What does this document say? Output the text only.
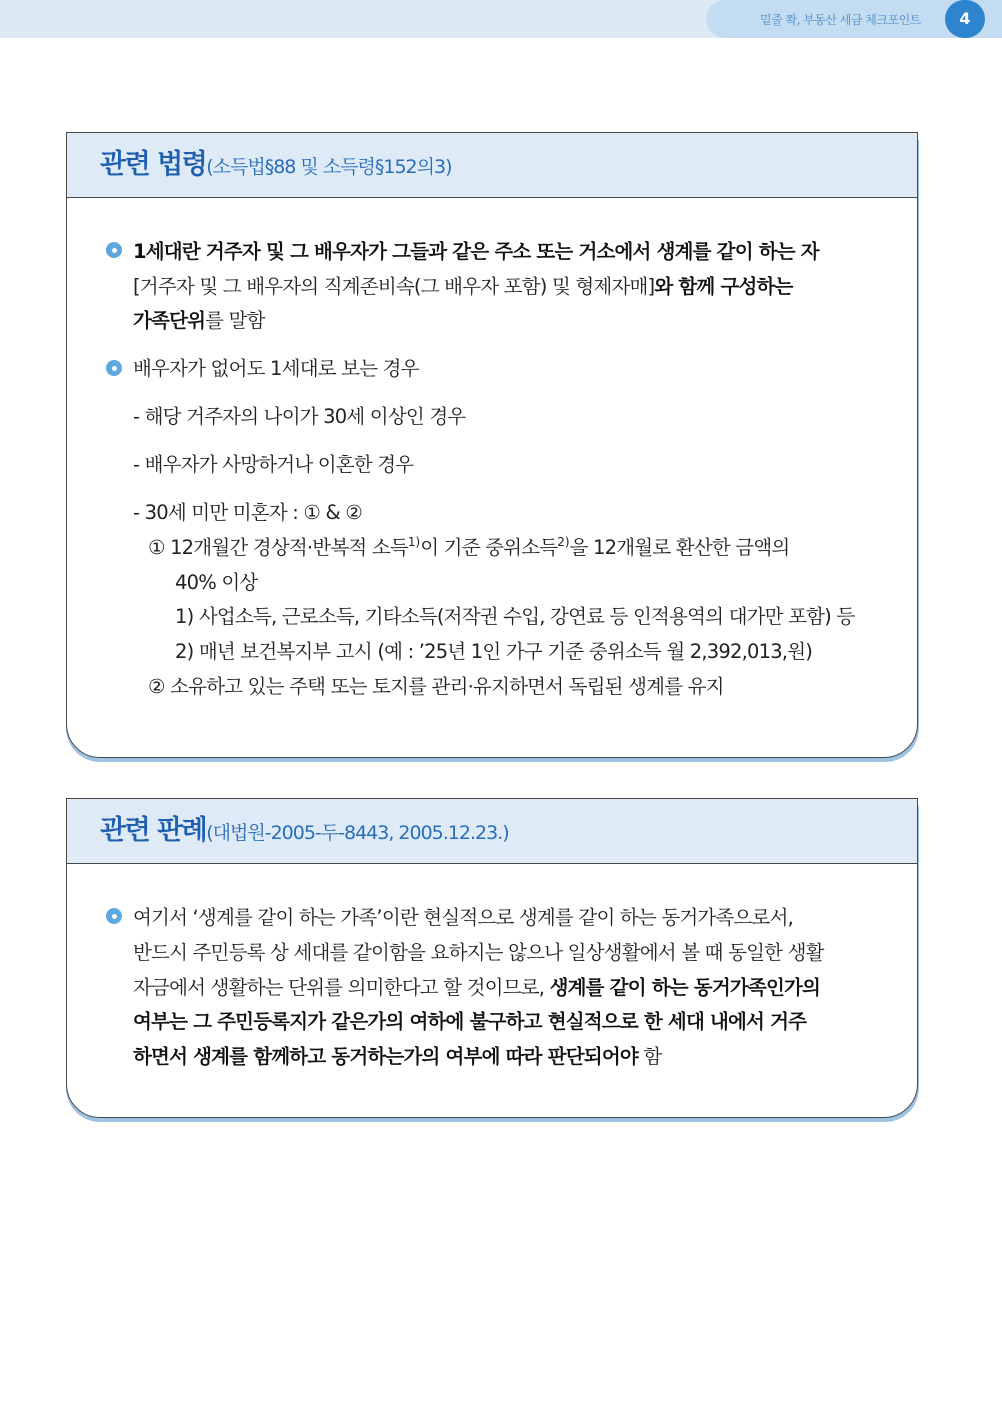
밑줄 쫙, 부동산 세금 체크포인트	4
관련 법령(소득법§88 및 소득령§152의3)
1세대란 거주자 및 그 배우자가 그들과 같은 주소 또는 거소에서 생계를 같이 하는 자
[거주자 및 그 배우자의 직계존비속(그 배우자 포함) 및 형제자매]와 함께 구성하는
가족단위를 말함
배우자가 없어도 1세대로 보는 경우
- 해당 거주자의 나이가 30세 이상인 경우
- 배우자가 사망하거나 이혼한 경우
- 30세 미만 미혼자 : ① & ②
① 12개월간 경상적·반복적 소득$^{1)}$이 기준 중위소득$^{2)}$을 12개월로 환산한 금액의
40% 이상
1) 사업소득, 근로소득, 기타소득(저작권 수입, 강연료 등 인적용역의 대가만 포함) 등
2) 매년 보건복지부 고시 (예 : ’25년 1인 가구 기준 중위소득 월 2,392,013,원)
② 소유하고 있는 주택 또는 토지를 관리·유지하면서 독립된 생계를 유지
관련 판례(대법원-2005-두-8443, 2005.12.23.)
여기서 ‘생계를 같이 하는 가족’이란 현실적으로 생계를 같이 하는 동거가족으로서,
반드시 주민등록 상 세대를 같이함을 요하지는 않으나 일상생활에서 볼 때 동일한 생활
자금에서 생활하는 단위를 의미한다고 할 것이므로, 생계를 같이 하는 동거가족인가의
여부는 그 주민등록지가 같은가의 여하에 불구하고 현실적으로 한 세대 내에서 거주
하면서 생계를 함께하고 동거하는가의 여부에 따라 판단되어야 함
